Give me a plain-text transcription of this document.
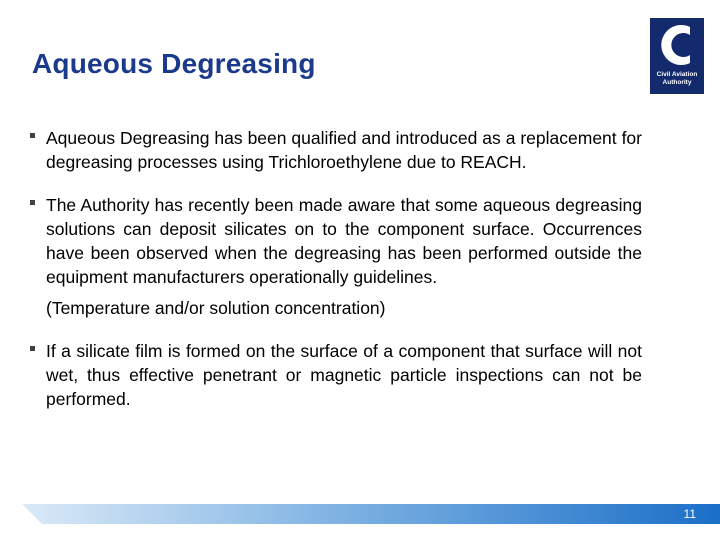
Aqueous Degreasing	Civil Aviation
Authority
Aqueous Degreasing has been qualified and introduced as a replacement for degreasing processes using Trichloroethylene due to REACH.
The Authority has recently been made aware that some aqueous degreasing solutions can deposit silicates on to the component surface. Occurrences have been observed when the degreasing has been performed outside the equipment manufacturers operationally guidelines.
(Temperature and/or solution concentration)
If a silicate film is formed on the surface of a component that surface will not wet, thus effective penetrant or magnetic particle inspections can not be performed.
11
